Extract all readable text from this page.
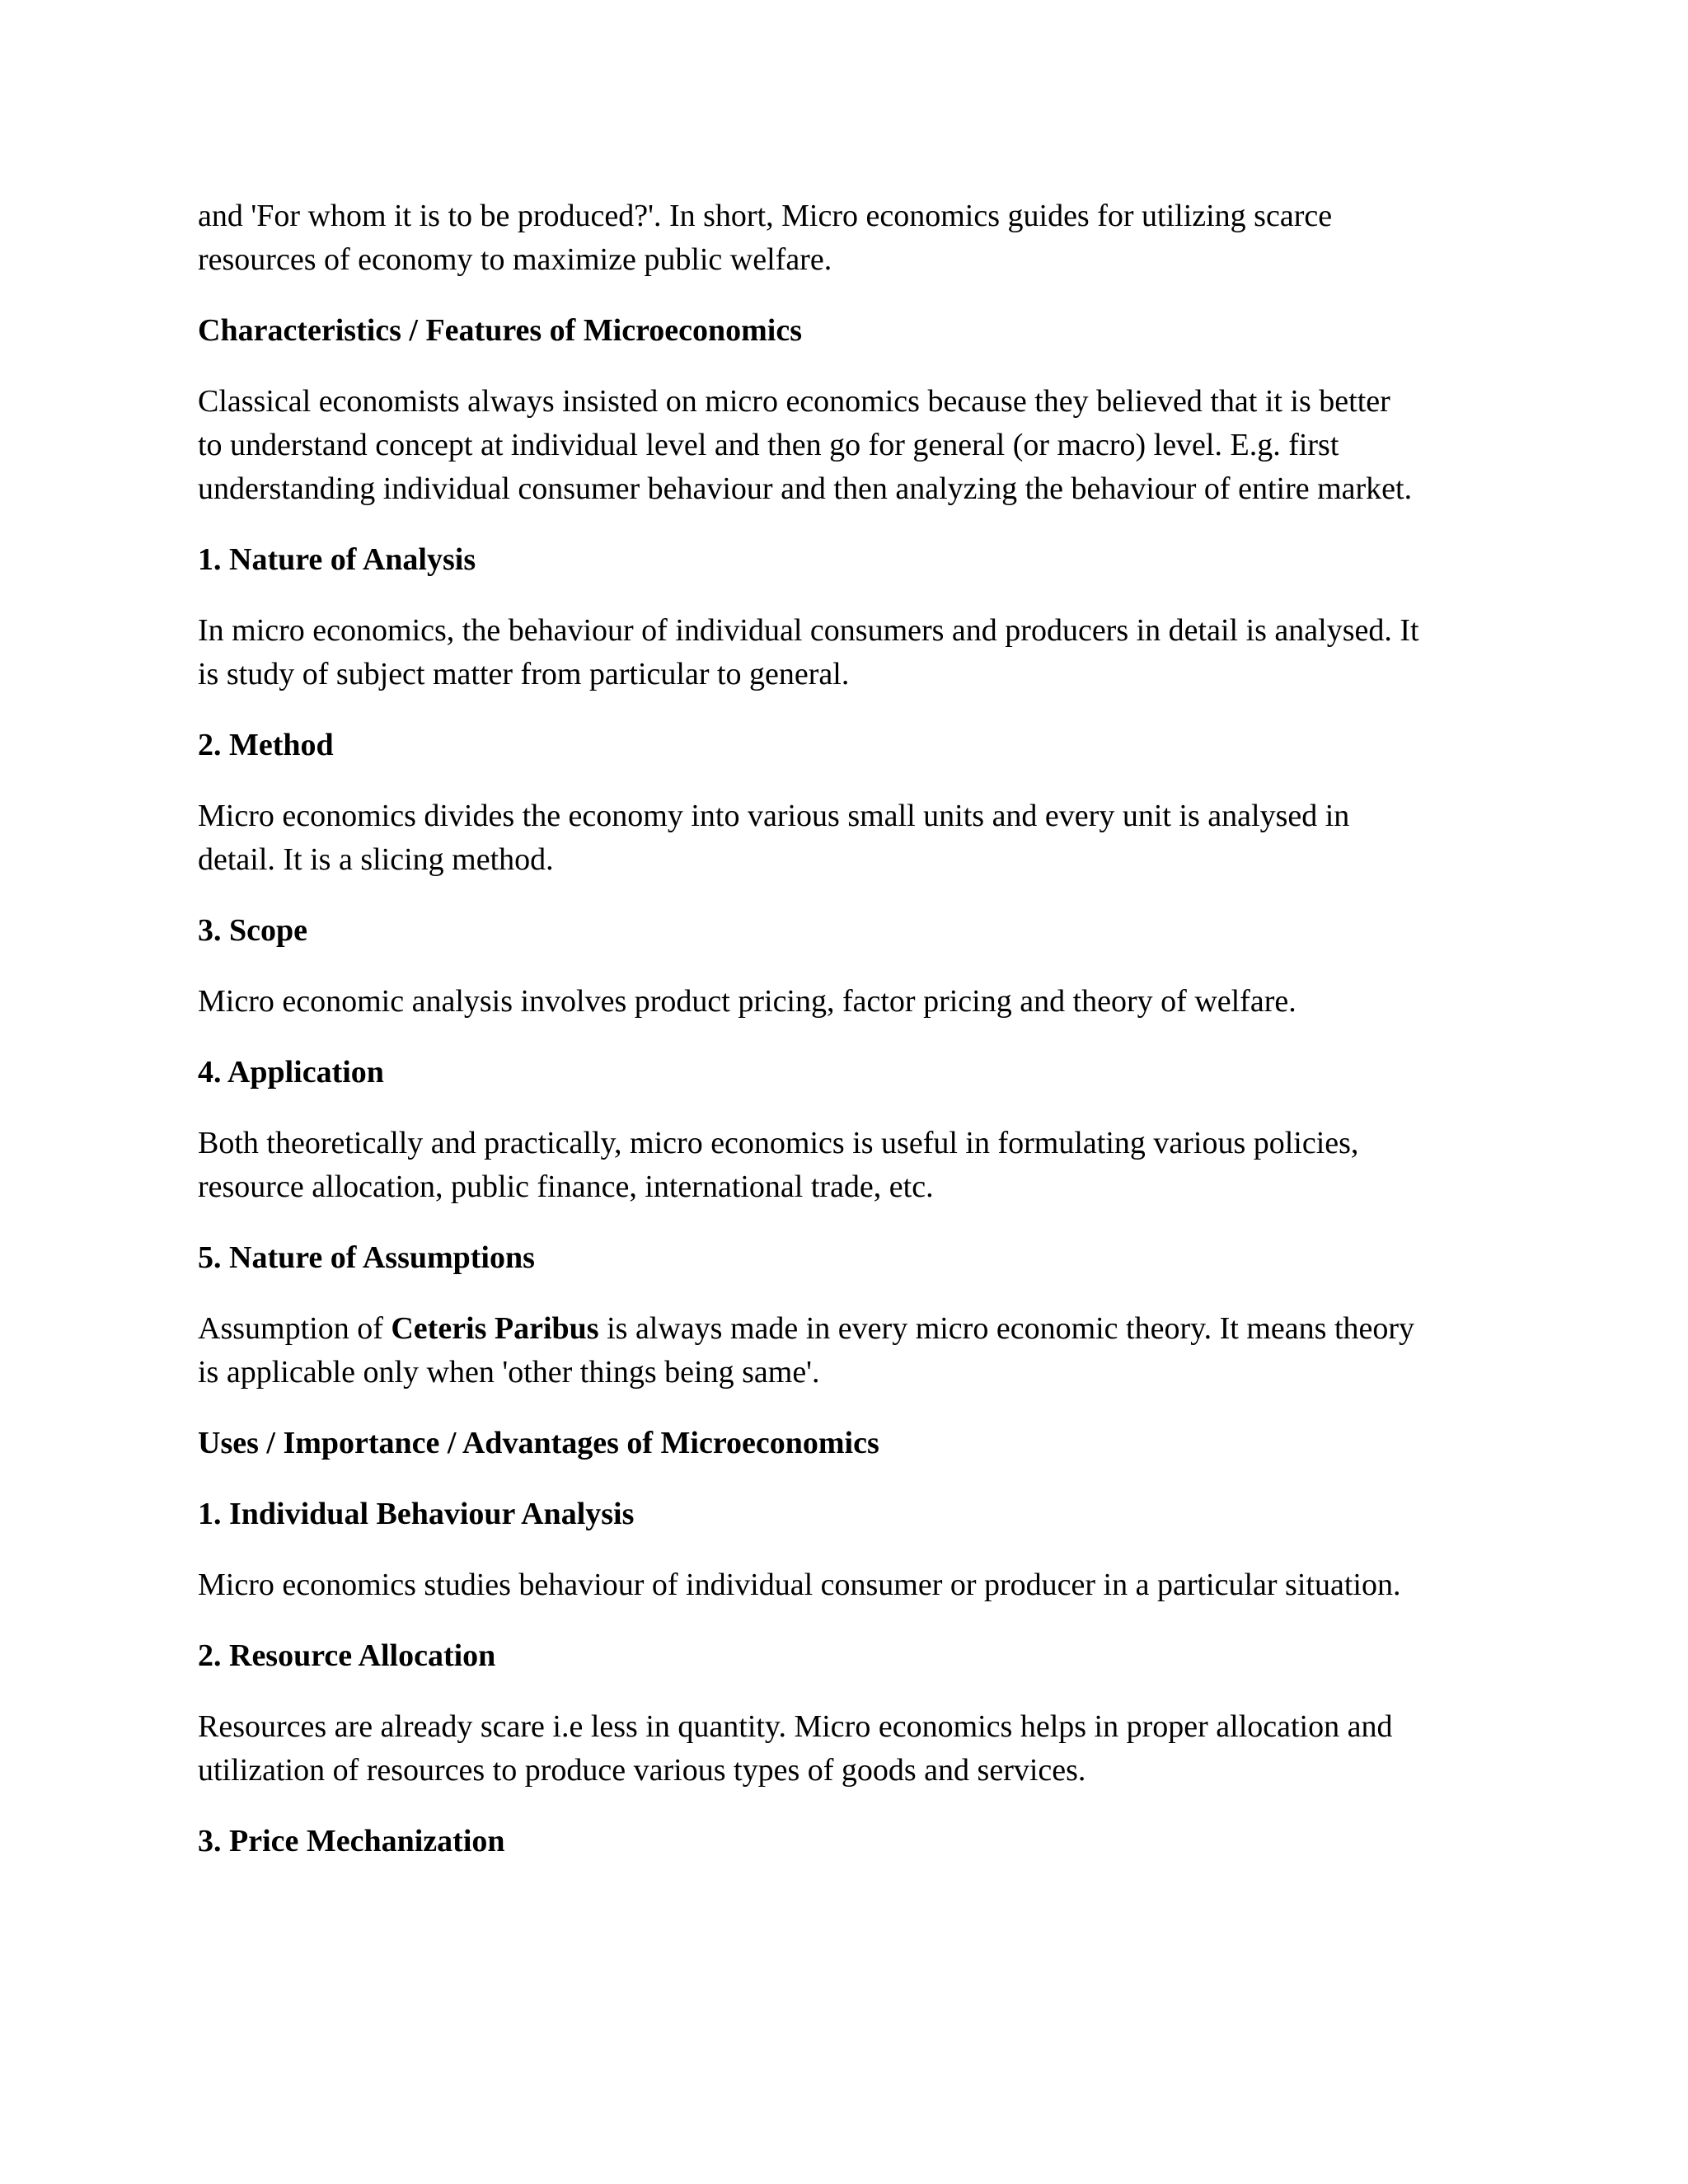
and 'For whom it is to be produced?'. In short, Micro economics guides for utilizing scarce
resources of economy to maximize public welfare.

Characteristics / Features of Microeconomics

Classical economists always insisted on micro economics because they believed that it is better
to understand concept at individual level and then go for general (or macro) level. E.g. first
understanding individual consumer behaviour and then analyzing the behaviour of entire market.

1. Nature of Analysis

In micro economics, the behaviour of individual consumers and producers in detail is analysed. It
is study of subject matter from particular to general.

2. Method

Micro economics divides the economy into various small units and every unit is analysed in
detail. It is a slicing method.

3. Scope

Micro economic analysis involves product pricing, factor pricing and theory of welfare.

4. Application

Both theoretically and practically, micro economics is useful in formulating various policies,
resource allocation, public finance, international trade, etc.

5. Nature of Assumptions

Assumption of Ceteris Paribus is always made in every micro economic theory. It means theory
is applicable only when 'other things being same'.

Uses / Importance / Advantages of Microeconomics
1. Individual Behaviour Analysis

Micro economics studies behaviour of individual consumer or producer in a particular situation.

2. Resource Allocation

Resources are already scare i.e less in quantity. Micro economics helps in proper allocation and
utilization of resources to produce various types of goods and services.

3. Price Mechanization
